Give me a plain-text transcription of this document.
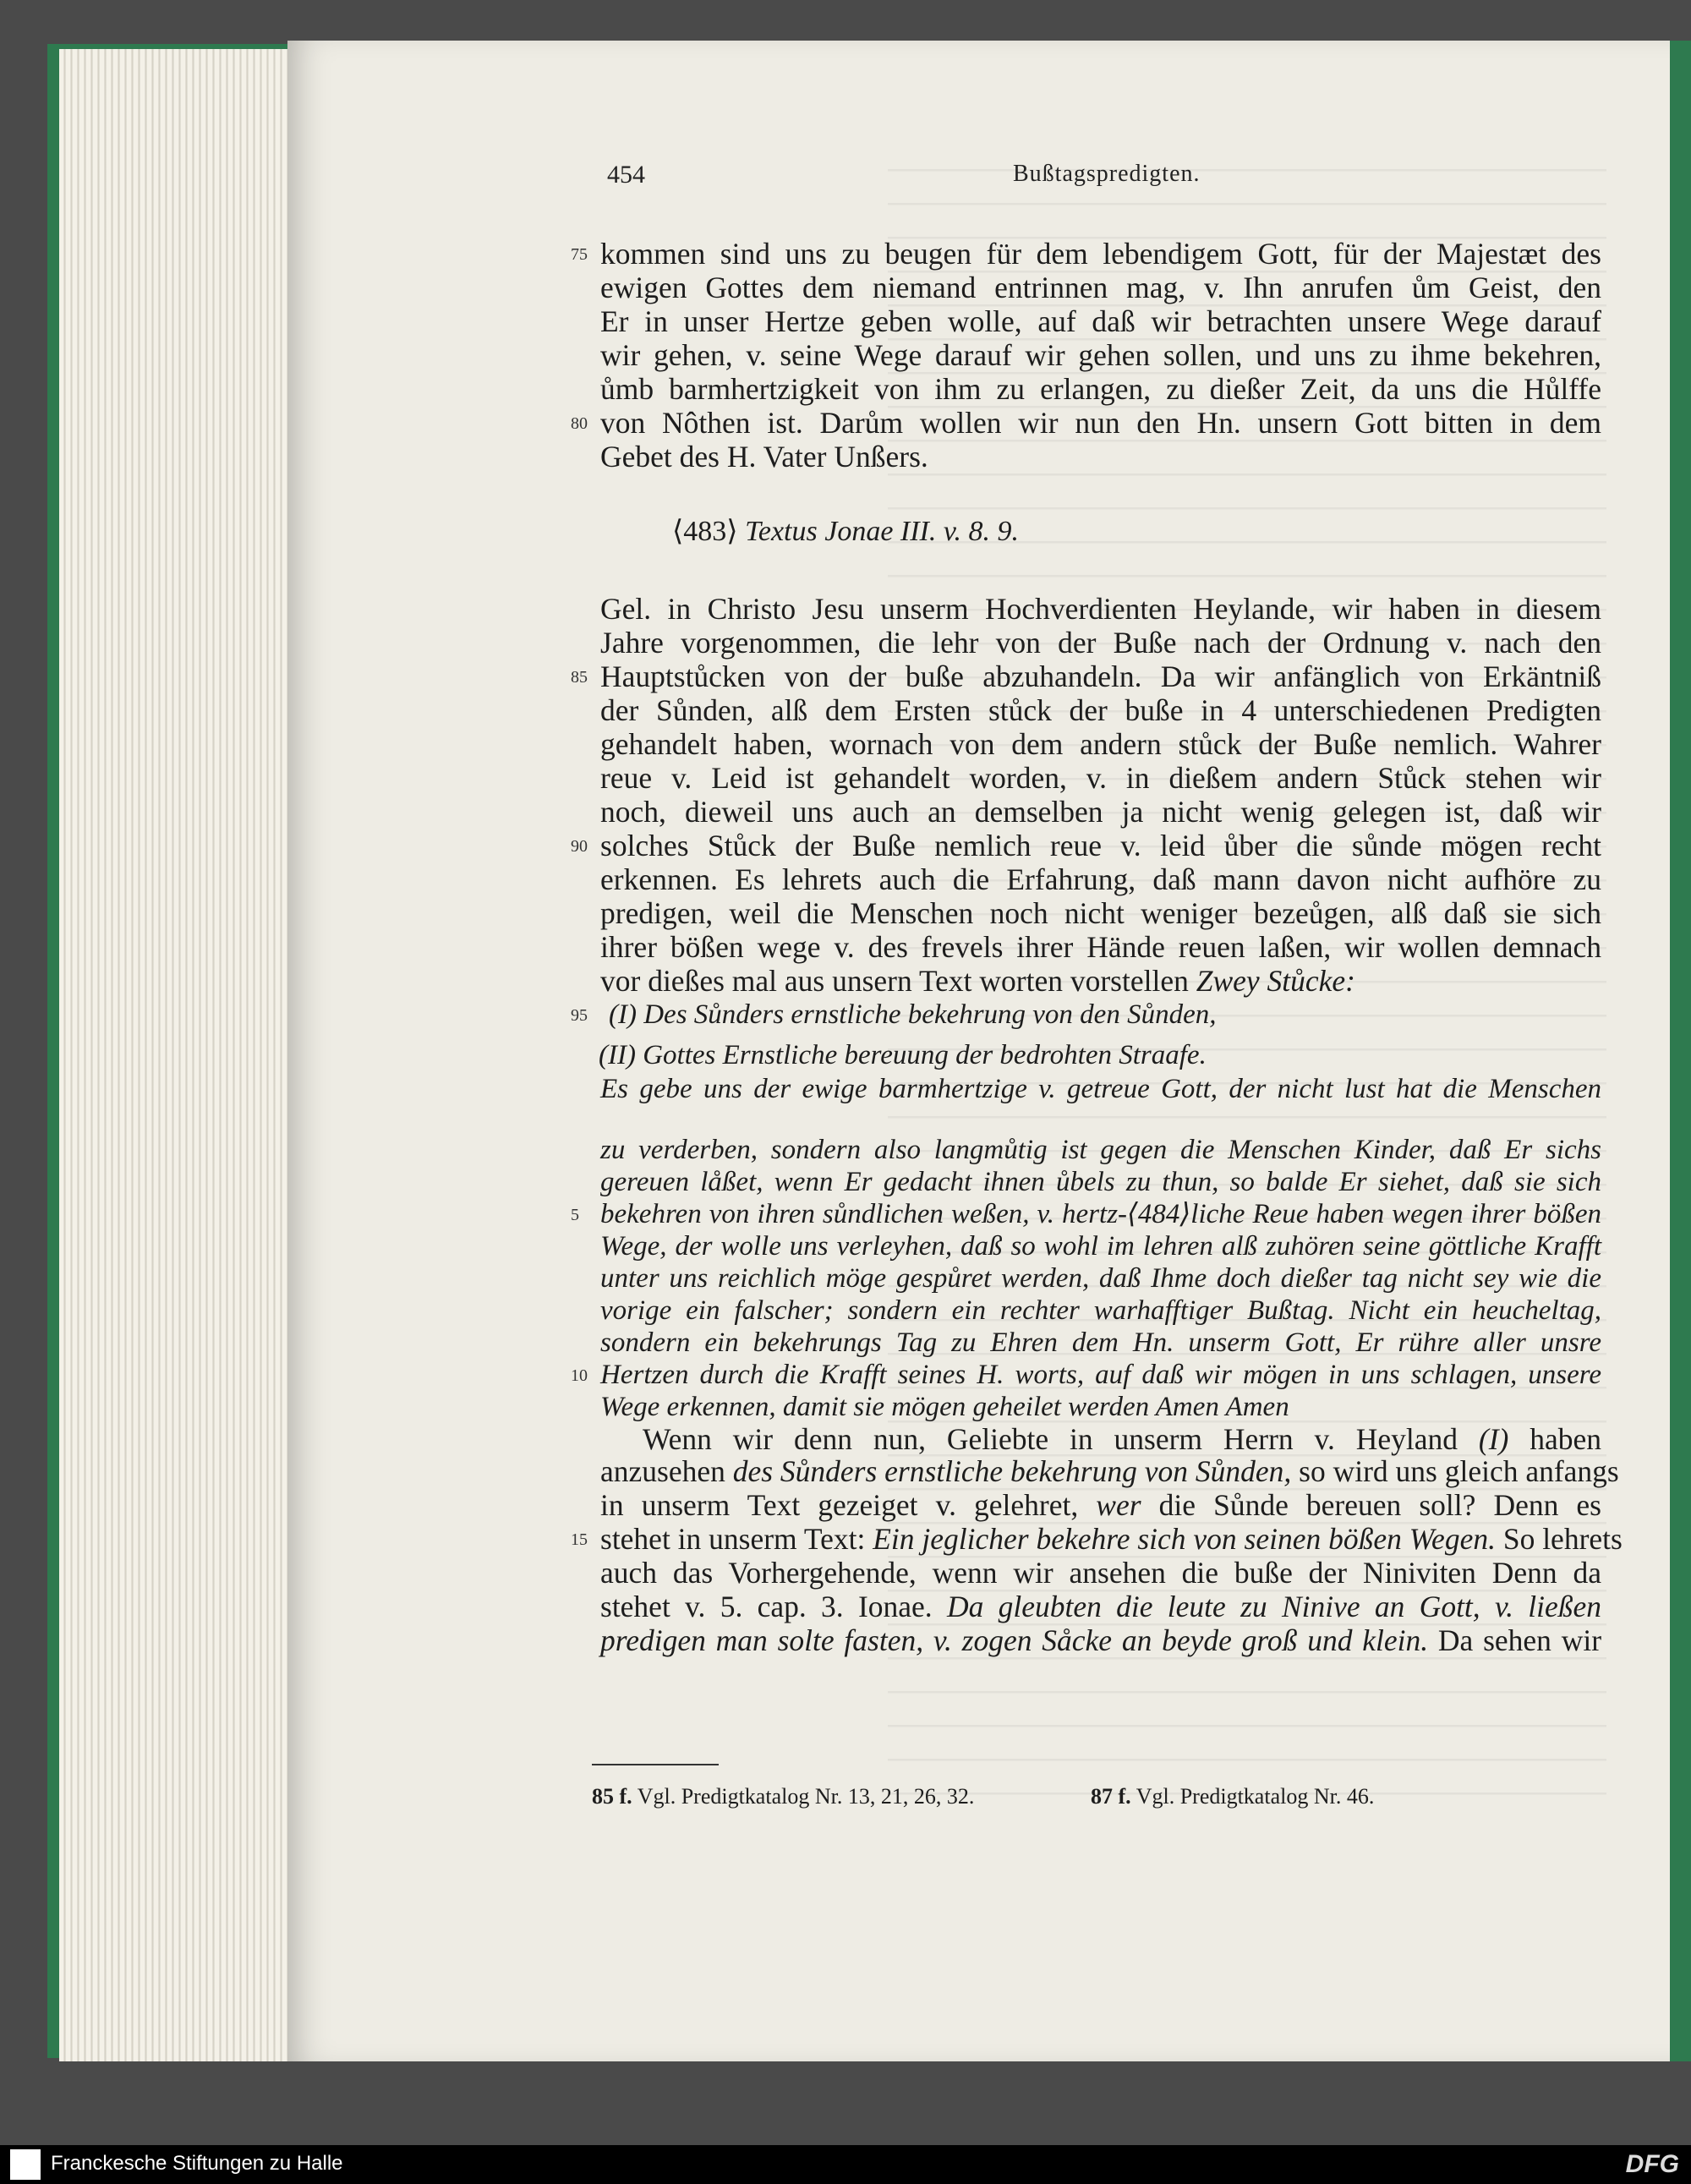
454	Bußtagspredigten.
75 kommen sind uns zu beugen für dem lebendigem Gott, für der Majestæt des
ewigen Gottes dem niemand entrinnen mag, v. Ihn anrufen ům Geist, den
Er in unser Hertze geben wolle, auf daß wir betrachten unsere Wege darauf
wir gehen, v. seine Wege darauf wir gehen sollen, und uns zu ihme bekehren,
ůmb barmhertzigkeit von ihm zu erlangen, zu dießer Zeit, da uns die Hůlffe
80 von Nôthen ist. Darům wollen wir nun den Hn. unsern Gott bitten in dem
Gebet des H. Vater Unßers.
Gel. in Christo Jesu unserm Hochverdienten Heylande, wir haben in diesem
Jahre vorgenommen, die lehr von der Buße nach der Ordnung v. nach den
85 Hauptstůcken von der buße abzuhandeln. Da wir anfänglich von Erkäntniß
der Sůnden, alß dem Ersten stůck der buße in 4 unterschiedenen Predigten
gehandelt haben, wornach von dem andern stůck der Buße nemlich. Wahrer
reue v. Leid ist gehandelt worden, v. in dießem andern Stůck stehen wir
noch, dieweil uns auch an demselben ja nicht wenig gelegen ist, daß wir
90 solches Stůck der Buße nemlich reue v. leid ůber die sůnde mögen recht
erkennen. Es lehrets auch die Erfahrung, daß mann davon nicht aufhöre zu
predigen, weil die Menschen noch nicht weniger bezeůgen, alß daß sie sich
ihrer bößen wege v. des frevels ihrer Hände reuen laßen, wir wollen demnach
vor dießes mal aus unsern Text worten vorstellen Zwey Stůcke:
95 (I) Des Sůnders ernstliche bekehrung von den Sůnden,
(II) Gottes Ernstliche bereuung der bedrohten Straafe.
Es gebe uns der ewige barmhertzige v. getreue Gott, der nicht lust hat die Menschen
zu verderben, sondern also langmůtig ist gegen die Menschen Kinder, daß Er sichs
gereuen låßet, wenn Er gedacht ihnen ůbels zu thun, so balde Er siehet, daß sie sich
5 bekehren von ihren sůndlichen weßen, v. hertz-⟨484⟩liche Reue haben wegen ihrer bößen
Wege, der wolle uns verleyhen, daß so wohl im lehren alß zuhören seine göttliche Krafft
unter uns reichlich möge gespůret werden, daß Ihme doch dießer tag nicht sey wie die
vorige ein falscher; sondern ein rechter warhafftiger Bußtag. Nicht ein heucheltag,
sondern ein bekehrungs Tag zu Ehren dem Hn. unserm Gott, Er rühre aller unsre
10 Hertzen durch die Krafft seines H. worts, auf daß wir mögen in uns schlagen, unsere
Wege erkennen, damit sie mögen geheilet werden Amen Amen
Wenn wir denn nun, Geliebte in unserm Herrn v. Heyland (I) haben
anzusehen des Sůnders ernstliche bekehrung von Sůnden, so wird uns gleich anfangs
in unserm Text gezeiget v. gelehret, wer die Sůnde bereuen soll? Denn es
15 stehet in unserm Text: Ein jeglicher bekehre sich von seinen bößen Wegen. So lehrets
auch das Vorhergehende, wenn wir ansehen die buße der Niniviten Denn da
stehet v. 5. cap. 3. Ionae. Da gleubten die leute zu Ninive an Gott, v. ließen
predigen man solte fasten, v. zogen Såcke an beyde groß und klein. Da sehen wir
⟨483⟩ Textus Jonae III. v. 8. 9.
85 f. Vgl. Predigtkatalog Nr. 13, 21, 26, 32.	87 f. Vgl. Predigtkatalog Nr. 46.
Franckesche Stiftungen zu Halle	DFG
